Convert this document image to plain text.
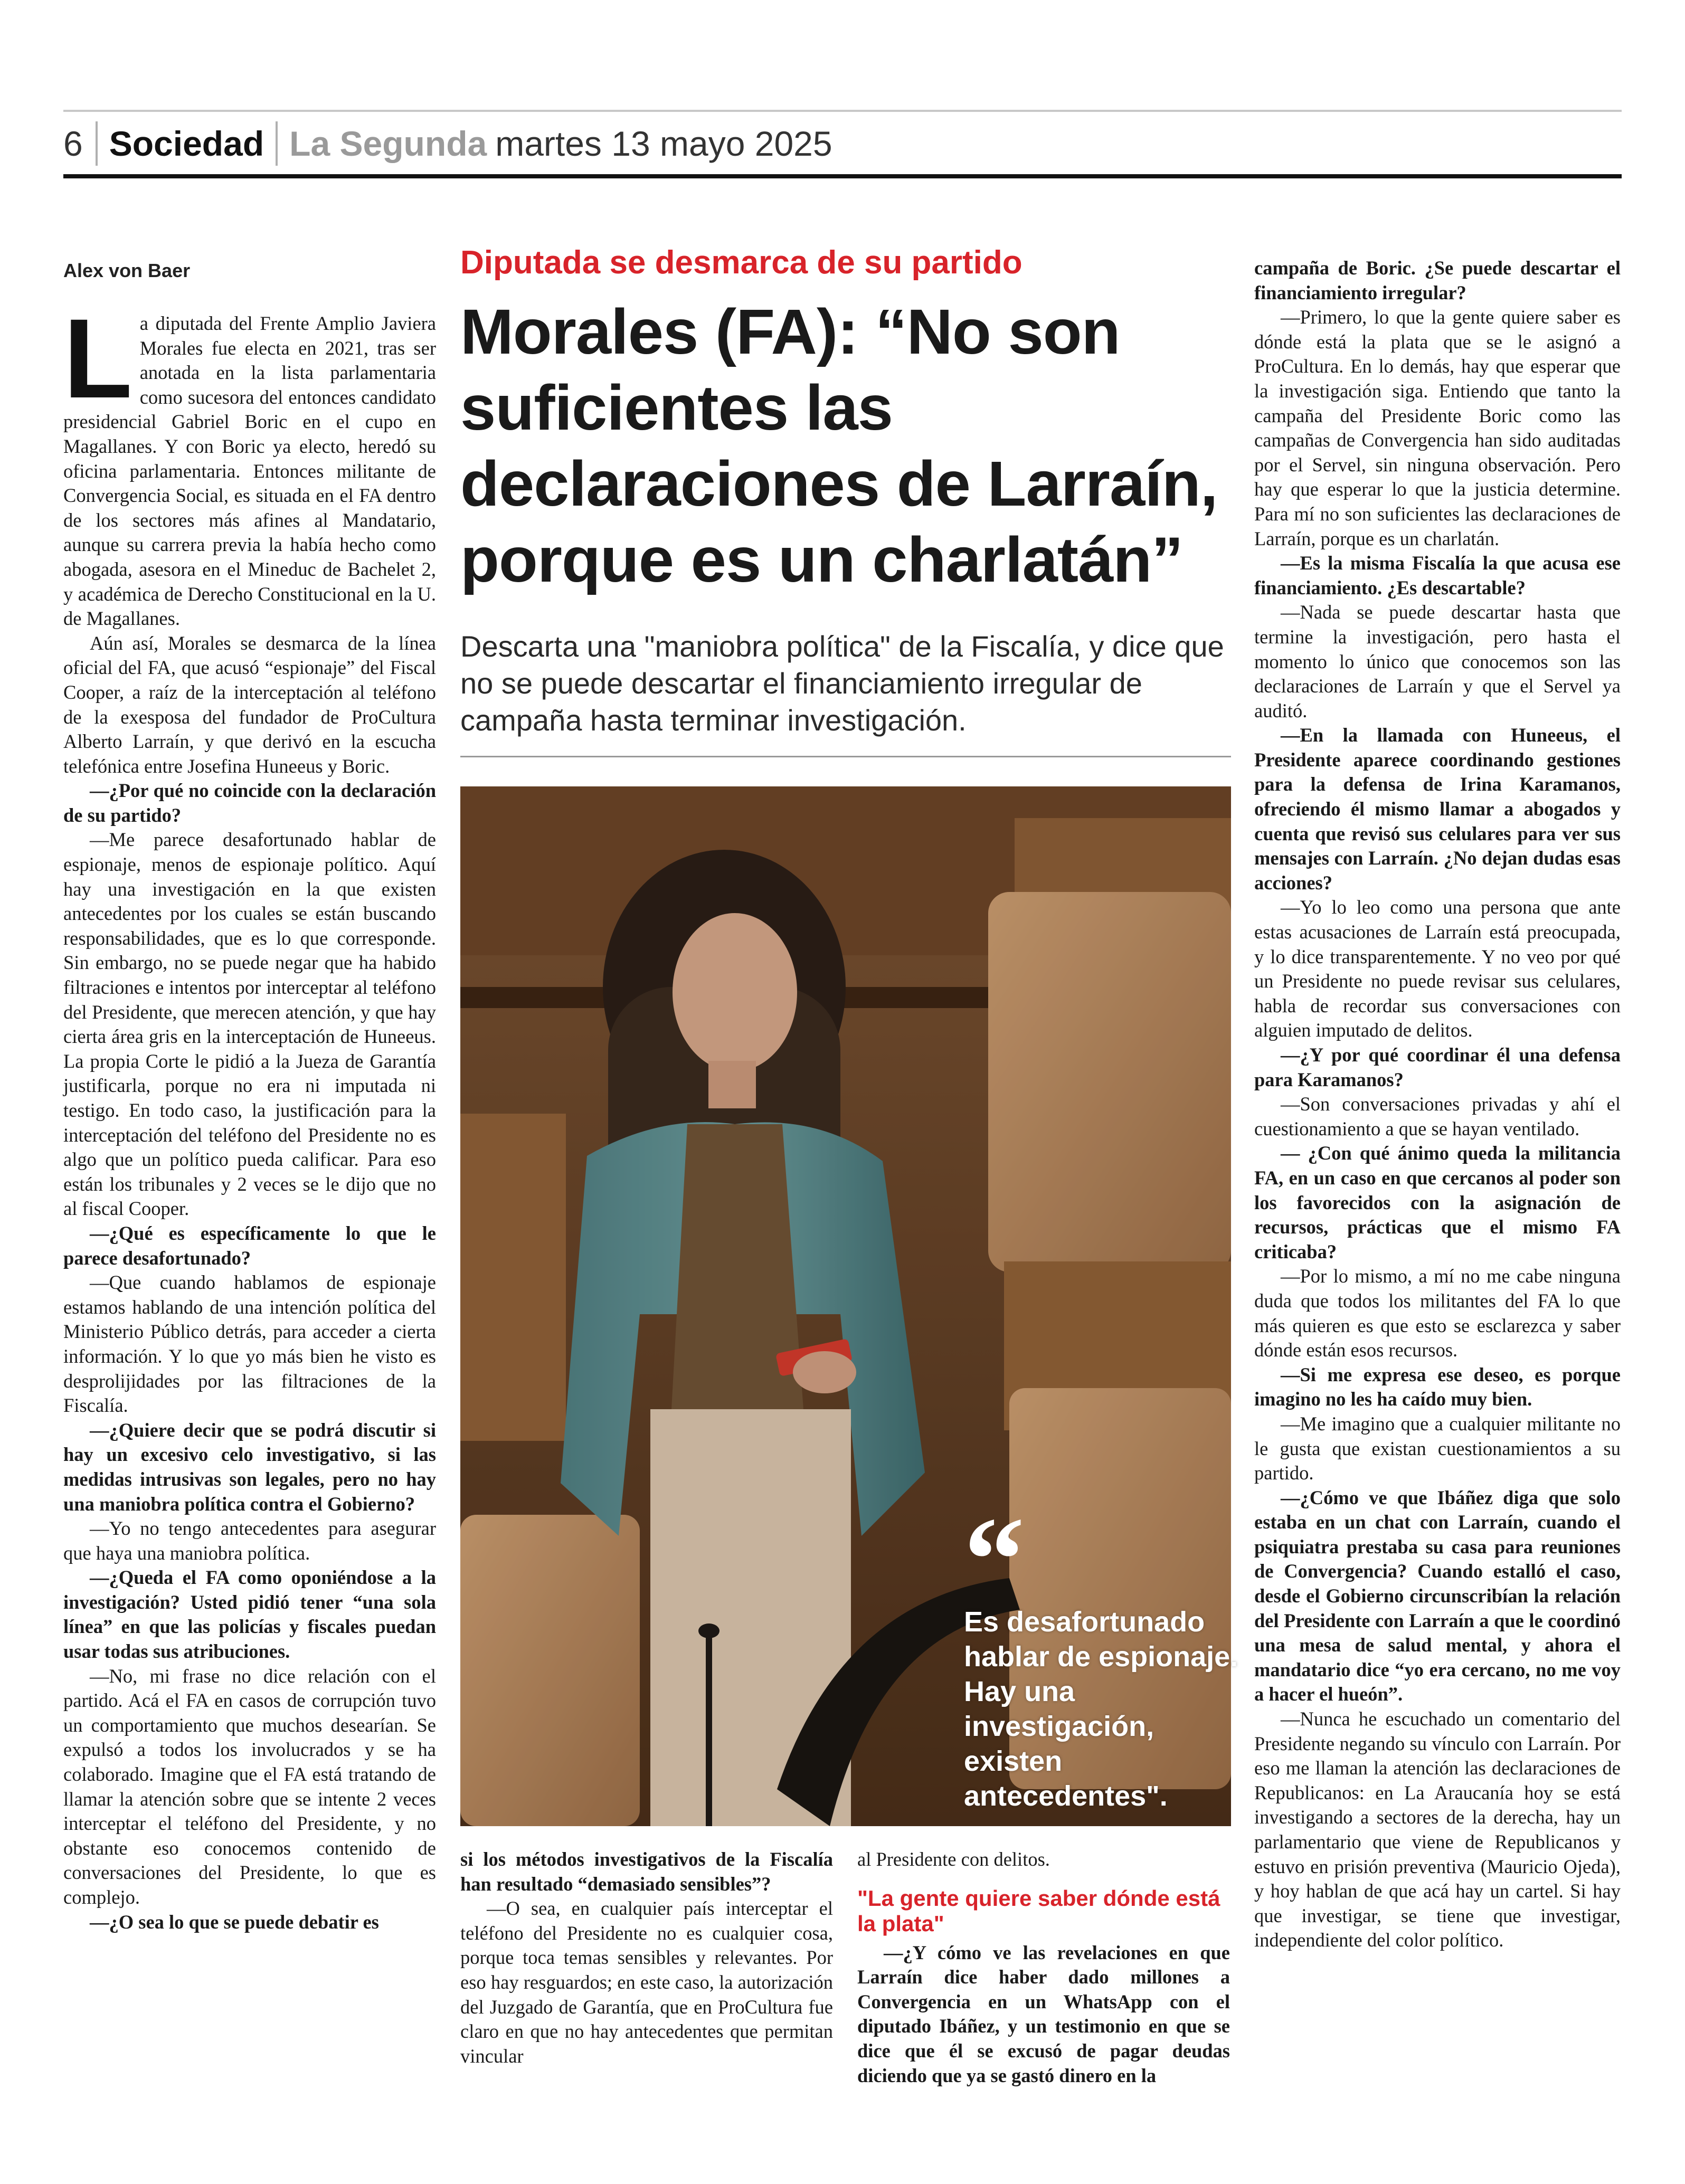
6 Sociedad La Segunda martes 13 mayo 2025
Alex von Baer

La diputada del Frente Amplio Javiera Morales fue electa en 2021, tras ser anotada en la lista parlamentaria como sucesora del entonces candidato presidencial Gabriel Boric en el cupo en Magallanes. Y con Boric ya electo, heredó su oficina parlamentaria. Entonces militante de Convergencia Social, es situada en el FA dentro de los sectores más afines al Mandatario, aunque su carrera previa la había hecho como abogada, asesora en el Mineduc de Bachelet 2, y académica de Derecho Constitucional en la U. de Magallanes.

Aún así, Morales se desmarca de la línea oficial del FA, que acusó “espionaje” del Fiscal Cooper, a raíz de la interceptación al teléfono de la exesposa del fundador de ProCultura Alberto Larraín, y que derivó en la escucha telefónica entre Josefina Huneeus y Boric.

—¿Por qué no coincide con la declaración de su partido?

—Me parece desafortunado hablar de espionaje, menos de espionaje político. Aquí hay una investigación en la que existen antecedentes por los cuales se están buscando responsabilidades, que es lo que corresponde. Sin embargo, no se puede negar que ha habido filtraciones e intentos por interceptar al teléfono del Presidente, que merecen atención, y que hay cierta área gris en la interceptación de Huneeus. La propia Corte le pidió a la Jueza de Garantía justificarla, porque no era ni imputada ni testigo. En todo caso, la justificación para la interceptación del teléfono del Presidente no es algo que un político pueda calificar. Para eso están los tribunales y 2 veces se le dijo que no al fiscal Cooper.

—¿Qué es específicamente lo que le parece desafortunado?

—Que cuando hablamos de espionaje estamos hablando de una intención política del Ministerio Público detrás, para acceder a cierta información. Y lo que yo más bien he visto es desprolijidades por las filtraciones de la Fiscalía.

—¿Quiere decir que se podrá discutir si hay un excesivo celo investigativo, si las medidas intrusivas son legales, pero no hay una maniobra política contra el Gobierno?

—Yo no tengo antecedentes para asegurar que haya una maniobra política.

—¿Queda el FA como oponiéndose a la investigación? Usted pidió tener “una sola línea” en que las policías y fiscales puedan usar todas sus atribuciones.

—No, mi frase no dice relación con el partido. Acá el FA en casos de corrupción tuvo un comportamiento que muchos desearían. Se expulsó a todos los involucrados y se ha colaborado. Imagine que el FA está tratando de llamar la atención sobre que se intente 2 veces interceptar el teléfono del Presidente, y no obstante eso conocemos contenido de conversaciones del Presidente, lo que es complejo.

—¿O sea lo que se puede debatir es

Diputada se desmarca de su partido
Morales (FA): “No son suficientes las declaraciones de Larraín, porque es un charlatán”
Descarta una "maniobra política" de la Fiscalía, y dice que no se puede descartar el financiamiento irregular de campaña hasta terminar investigación.
“
Es desafortunado hablar de espionaje. Hay una investigación, existen antecedentes".

si los métodos investigativos de la Fiscalía han resultado “demasiado sensibles”?

—O sea, en cualquier país interceptar el teléfono del Presidente no es cualquier cosa, porque toca temas sensibles y relevantes. Por eso hay resguardos; en este caso, la autorización del Juzgado de Garantía, que en ProCultura fue claro en que no hay antecedentes que permitan vincular

al Presidente con delitos.

"La gente quiere saber dónde está la plata"

—¿Y cómo ve las revelaciones en que Larraín dice haber dado millones a Convergencia en un WhatsApp con el diputado Ibáñez, y un testimonio en que se dice que él se excusó de pagar deudas diciendo que ya se gastó dinero en la

campaña de Boric. ¿Se puede descartar el financiamiento irregular?

—Primero, lo que la gente quiere saber es dónde está la plata que se le asignó a ProCultura. En lo demás, hay que esperar que la investigación siga. Entiendo que tanto la campaña del Presidente Boric como las campañas de Convergencia han sido auditadas por el Servel, sin ninguna observación. Pero hay que esperar lo que la justicia determine. Para mí no son suficientes las declaraciones de Larraín, porque es un charlatán.

—Es la misma Fiscalía la que acusa ese financiamiento. ¿Es descartable?

—Nada se puede descartar hasta que termine la investigación, pero hasta el momento lo único que conocemos son las declaraciones de Larraín y que el Servel ya auditó.

—En la llamada con Huneeus, el Presidente aparece coordinando gestiones para la defensa de Irina Karamanos, ofreciendo él mismo llamar a abogados y cuenta que revisó sus celulares para ver sus mensajes con Larraín. ¿No dejan dudas esas acciones?

—Yo lo leo como una persona que ante estas acusaciones de Larraín está preocupada, y lo dice transparentemente. Y no veo por qué un Presidente no puede revisar sus celulares, habla de recordar sus conversaciones con alguien imputado de delitos.

—¿Y por qué coordinar él una defensa para Karamanos?

—Son conversaciones privadas y ahí el cuestionamiento a que se hayan ventilado.

— ¿Con qué ánimo queda la militancia FA, en un caso en que cercanos al poder son los favorecidos con la asignación de recursos, prácticas que el mismo FA criticaba?

—Por lo mismo, a mí no me cabe ninguna duda que todos los militantes del FA lo que más quieren es que esto se esclarezca y saber dónde están esos recursos.

—Si me expresa ese deseo, es porque imagino no les ha caído muy bien.

—Me imagino que a cualquier militante no le gusta que existan cuestionamientos a su partido.

—¿Cómo ve que Ibáñez diga que solo estaba en un chat con Larraín, cuando el psiquiatra prestaba su casa para reuniones de Convergencia? Cuando estalló el caso, desde el Gobierno circunscribían la relación del Presidente con Larraín a que le coordinó una mesa de salud mental, y ahora el mandatario dice “yo era cercano, no me voy a hacer el hueón”.

—Nunca he escuchado un comentario del Presidente negando su vínculo con Larraín. Por eso me llaman la atención las declaraciones de Republicanos: en La Araucanía hoy se está investigando a sectores de la derecha, hay un parlamentario que viene de Republicanos y estuvo en prisión preventiva (Mauricio Ojeda), y hoy hablan de que acá hay un cartel. Si hay que investigar, se tiene que investigar, independiente del color político.
